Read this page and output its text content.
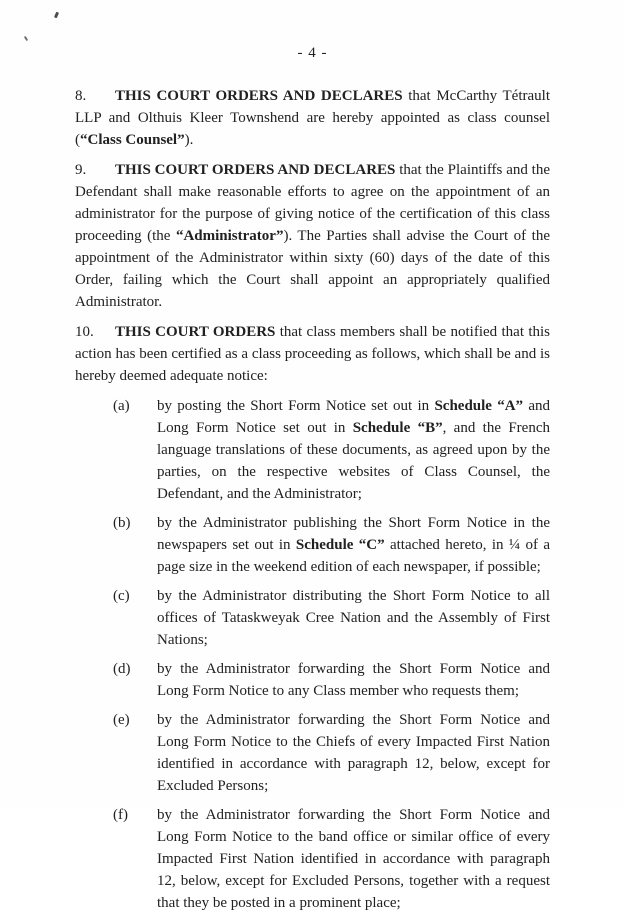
- 4 -

8. THIS COURT ORDERS AND DECLARES that McCarthy Tétrault LLP and Olthuis Kleer Townshend are hereby appointed as class counsel (“Class Counsel”).

9. THIS COURT ORDERS AND DECLARES that the Plaintiffs and the Defendant shall make reasonable efforts to agree on the appointment of an administrator for the purpose of giving notice of the certification of this class proceeding (the “Administrator”). The Parties shall advise the Court of the appointment of the Administrator within sixty (60) days of the date of this Order, failing which the Court shall appoint an appropriately qualified Administrator.

10. THIS COURT ORDERS that class members shall be notified that this action has been certified as a class proceeding as follows, which shall be and is hereby deemed adequate notice:

(a)	by posting the Short Form Notice set out in Schedule “A” and Long Form Notice set out in Schedule “B”, and the French language translations of these documents, as agreed upon by the parties, on the respective websites of Class Counsel, the Defendant, and the Administrator;
(b)	by the Administrator publishing the Short Form Notice in the newspapers set out in Schedule “C” attached hereto, in ¼ of a page size in the weekend edition of each newspaper, if possible;
(c)	by the Administrator distributing the Short Form Notice to all offices of Tataskweyak Cree Nation and the Assembly of First Nations;
(d)	by the Administrator forwarding the Short Form Notice and Long Form Notice to any Class member who requests them;
(e)	by the Administrator forwarding the Short Form Notice and Long Form Notice to the Chiefs of every Impacted First Nation identified in accordance with paragraph 12, below, except for Excluded Persons;
(f)	by the Administrator forwarding the Short Form Notice and Long Form Notice to the band office or similar office of every Impacted First Nation identified in accordance with paragraph 12, below, except for Excluded Persons, together with a request that they be posted in a prominent place;
